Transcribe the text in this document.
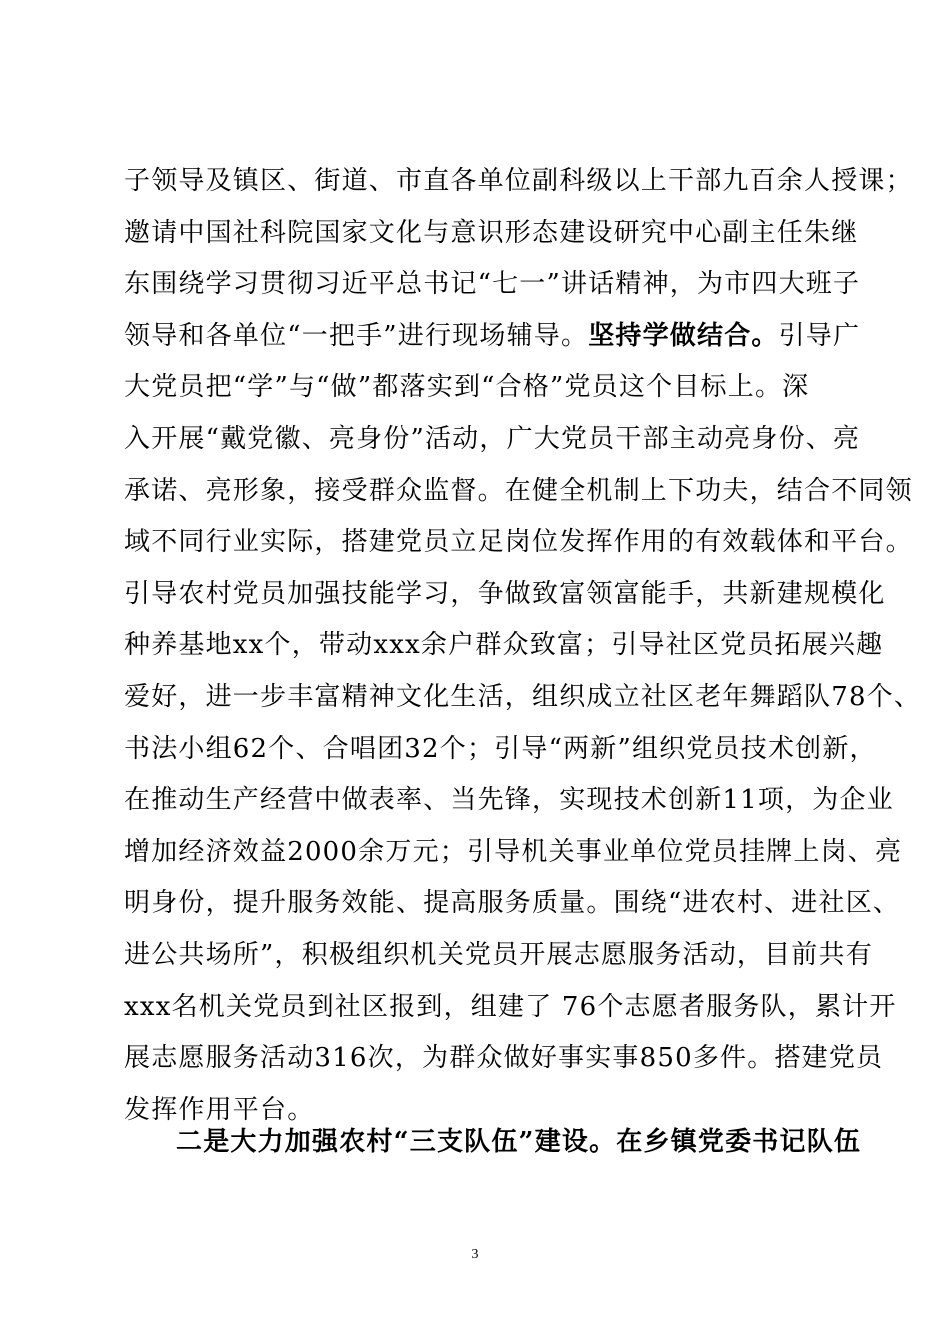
子领导及镇区、街道、市直各单位副科级以上干部九百余人授课；
邀请中国社科院国家文化与意识形态建设研究中心副主任朱继
东围绕学习贯彻习近平总书记“七一”讲话精神，为市四大班子
领导和各单位“一把手”进行现场辅导。坚持学做结合。引导广
大党员把“学”与“做”都落实到“合格”党员这个目标上。深
入开展“戴党徽、亮身份”活动，广大党员干部主动亮身份、亮
承诺、亮形象，接受群众监督。在健全机制上下功夫，结合不同领
域不同行业实际，搭建党员立足岗位发挥作用的有效载体和平台。
引导农村党员加强技能学习，争做致富领富能手，共新建规模化
种养基地xx个，带动xxx余户群众致富；引导社区党员拓展兴趣
爱好，进一步丰富精神文化生活，组织成立社区老年舞蹈队78个、
书法小组62个、合唱团32个；引导“两新”组织党员技术创新，
在推动生产经营中做表率、当先锋，实现技术创新11项，为企业
增加经济效益2000余万元；引导机关事业单位党员挂牌上岗、亮
明身份，提升服务效能、提高服务质量。围绕“进农村、进社区、
进公共场所”，积极组织机关党员开展志愿服务活动，目前共有
xxx名机关党员到社区报到，组建了 76个志愿者服务队，累计开
展志愿服务活动316次，为群众做好事实事850多件。搭建党员
发挥作用平台。
二是大力加强农村“三支队伍”建设。在乡镇党委书记队伍
3
